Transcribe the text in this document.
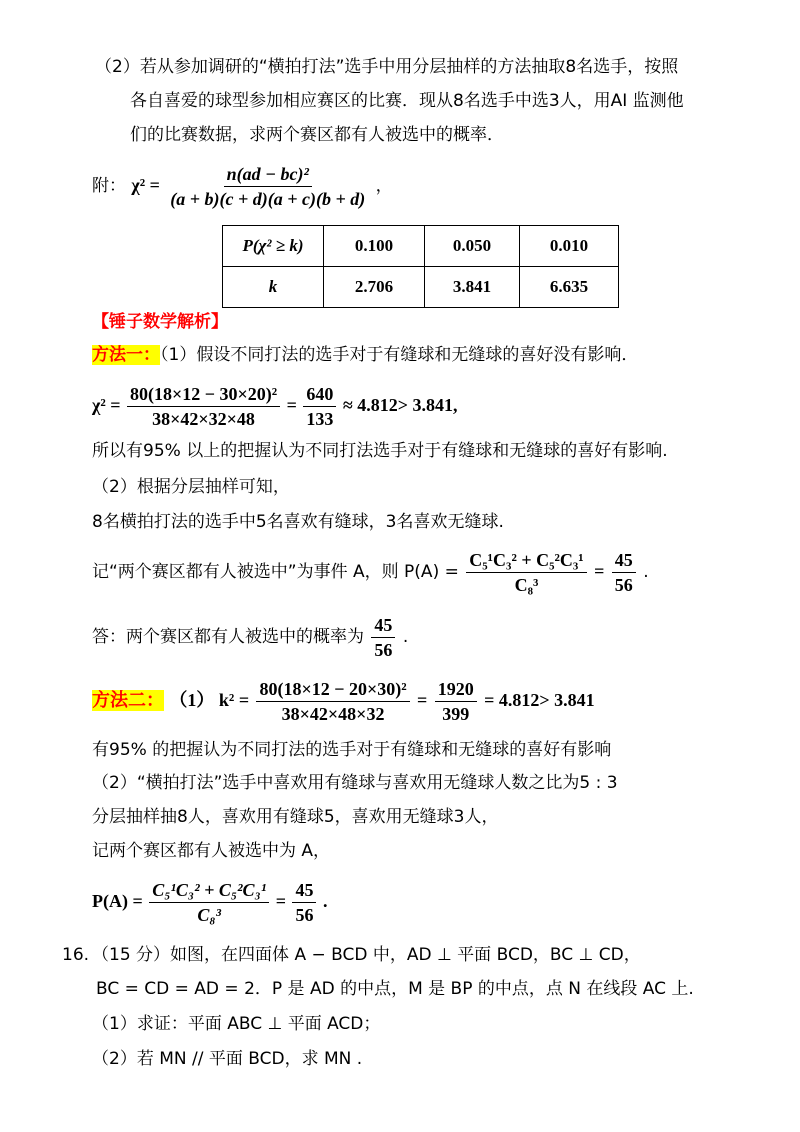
（2）若从参加调研的“横拍打法”选手中用分层抽样的方法抽取8名选手，按照
各自喜爱的球型参加相应赛区的比赛．现从8名选手中选3人，用AI 监测他
们的比赛数据，求两个赛区都有人被选中的概率．
附： $\chi^2 = \frac{\text{n(ad − bc)²}}{(a + b)(c + d)(a + c)(b + d)}$ ，
P(χ² ≥ k)	0.100	0.050	0.010
k	2.706	3.841	6.635
【锤子数学解析】
方法一：（1）假设不同打法的选手对于有缝球和无缝球的喜好没有影响．
$\chi^2 = \frac{\text{80(18×12 − 30×20)²}}{38\times 42\times 32\times 48} = \frac{640}{133} \approx 4.812> 3.841$,
所以有95% 以上的把握认为不同打法选手对于有缝球和无缝球的喜好有影响.
（2）根据分层抽样可知，
8名横拍打法的选手中5名喜欢有缝球，3名喜欢无缝球.
记“两个赛区都有人被选中”为事件 A，则 $P(A) = \frac{\text{C₅¹C₃² + C₅²C₃¹}}{\text{C₈³}} = \frac{45}{56}$ .
答：两个赛区都有人被选中的概率为 $\frac{45}{56}$ .
方法二： （1） $k^2 = \frac{\text{80(18×12 − 20×30)²}}{38\times 42\times 48\times 32} = \frac{1920}{399} = 4.812> 3.841$
有95% 的把握认为不同打法的选手对于有缝球和无缝球的喜好有影响
（2）“横拍打法”选手中喜欢用有缝球与喜欢用无缝球人数之比为5 : 3
分层抽样抽8人，喜欢用有缝球5，喜欢用无缝球3人，
记两个赛区都有人被选中为 A，
$P(A) = \frac{\text{C₅¹C₃² + C₅²C₃¹}}{\text{C₈³}} = \frac{45}{56}$ .
16. （15 分）如图，在四面体 A − BCD 中，AD ⊥ 平面 BCD，BC ⊥ CD，
BC = CD = AD = 2．P 是 AD 的中点，M 是 BP 的中点，点 N 在线段 AC 上.
（1）求证：平面 ABC ⊥ 平面 ACD；
（2）若 MN // 平面 BCD，求 MN .
